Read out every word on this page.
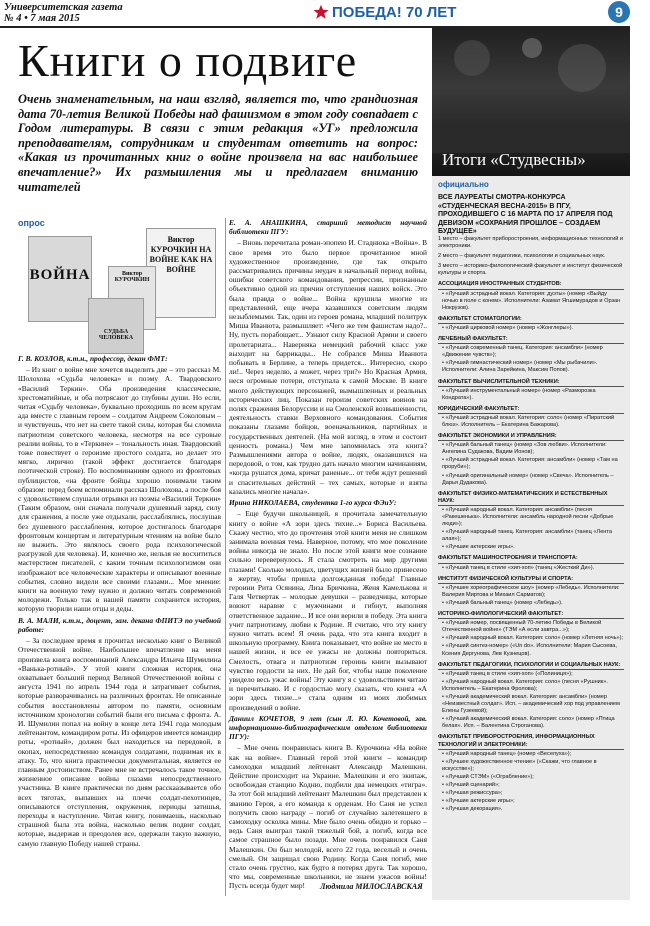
Университетская газета
№ 4 • 7 мая 2015	ПОБЕДА! 70 ЛЕТ	9
Книги о подвиге
Очень знаменательным, на наш взгляд, является то, что грандиозная дата 70-летия Великой Победы над фашизмом в этом году совпадает с Годом литературы. В связи с этим редакция «УГ» предложила преподавателям, сотрудникам и студентам ответить на вопрос: «Какая из прочитанных книг о войне произвела на вас наибольшее впечатление?» Их размышления мы и предлагаем вниманию читателей
опрос
ВОЙНА
Виктор КУРОЧКИН НА ВОЙНЕ КАК НА ВОЙНЕ
Виктор КУРОЧКИН
СУДЬБА ЧЕЛОВЕКА

Г. В. КОЗЛОВ, к.т.н., профессор, декан ФМТ:

– Из книг о войне мне хочется выделить две – это рассказ М. Шолохова «Судьба человека» и поэму А. Твардовского «Василий Теркин». Оба произведения классические, хрестоматийные, и оба потрясают до глубины души. Но если, читая «Судьбу человека», буквально проходишь по всем кругам ада вместе с главным героем – солдатом Андреем Соколовым – и чувствуешь, что нет на свете такой силы, которая бы сломила патриотизм советского человека, несмотря на все суровые реалии войны, то в «Теркине» – тональность иная. Твардовский тоже повествует о героизме простого солдата, но делает это мягко, лирично (такой эффект достигается благодаря поэтической строке). По воспоминаниям одного из фронтовых публицистов, «на фронте бойцы хорошо понимали таким образом: перед боем вспоминали рассказ Шолохова, а после боя с удовольствием слушали отрывки из поэмы «Василий Теркин» (Таким образом, они сначала получали душевный заряд, силу для сражения, а после уже отдыхали, расслаблялись, послушав без душевного расслабления, которое достигалось благодаря фронтовым концертам и литературным чтениям на войне было не выжить. Это являлось своего рода психологической разгрузкой для человека). И, конечно же, нельзя не восхититься мастерством писателей, с каким точным психологизмом они изображают все человеческие характеры и описывают военные события, словно видели все своими глазами... Мое мнение: книги на военную тему нужно и должно читать современной молодежи. Только так в нашей памяти сохранится история, которую творили наши отцы и деды.

В. А. МАЛИ, к.т.н., доцент, зам. декана ФПИТЭ по учебной работе:

– За последнее время я прочитал несколько книг о Великой Отечественной войне. Наибольшее впечатление на меня произвела книга воспоминаний Александра Ильича Шумилина «Ванька-ротный». У этой книги сложная история, она охватывает больший период Великой Отечественной войны с августа 1941 по апрель 1944 года и затрагивает события, которые разворачивались на различных фронтах. Не описанные события восстановлены автором по памяти, основным источником хронологии событий были его письма с фронта. А. И. Шумилин попал на войну в конце лета 1941 года молодым лейтенантом, командиром роты. Из офицеров имеется командир роты, «ротный», должен был находиться на передовой, в окопах, непосредственно командуя солдатами, поднимая их в атаку. То, что книга практически документальная, является ее главным достоинством. Ранее мне не встречалось такое точное, жизненное описание войны глазами непосредственного участника. В книге практически по дням расскаазывается обо всех тяготах, выпавших на плечи солдат-пехотинцев, описываются отступления, окружения, периоды затишья, переходы в наступление. Читая книгу, понимаешь, насколько страшной была эта война, насколько велик подвиг солдат, которые, выдержав и преодолев все, одержали такую важную, самую главную Победу нашей страны.

Е. А. АНАШКИНА, старший методист научной библиотеки ПГУ:

– Вновь перечитала роман-эпопею И. Стаднюка «Война». В свое время это было первое прочитанное мной художественное произведение, где так открыто рассматривались причины неудач в начальный период войны, ошибки советского командования, репрессии, признанные объективно одной из причин отступления наших войск. Это была правда о войне... Война крушила многие из представлений, еще вчера казавшихся советским людям незыблемыми. Так, один из героев романа, младший политрук Миша Иванюта, размышляет: «Чего же тем фашистам надо?.. Ну, пусть порабощает... Узнают силу Красной Армии и своего пролетариата... Наверняка немецкий рабочий класс уже выходит на баррикады... Не собрался Миша Иванюта побывать в Берлине, а теперь придется... Интересно, скоро ли!.. Через неделю, а может, через три?» Но Красная Армия, неся огромные потери, отступала к самой Москве. В книге много действующих персонажей, вымышленных и реальных исторических лиц. Показан героизм советских воинов на полях сражения Белоруссии и на Смоленской возвышенности, деятельность ставки Верховного командования. События показаны глазами бойцов, военачальников, партийных и государственных деятелей. (На мой взгляд, в этом и состоит ценность романа.) Чем мне запомнилась эта книга? Размышлениями автора о войне, людях, оказавшихся на передовой, о том, как трудно дать начало многим начинаниям, «когда рушатся дома, кричат раненые... от тебя ждут решений и спасительных действий – тех самых, которые и взяты казались многие начала».

Ирина НИКОЛАЕВА, студентка 1-го курса ФЭиУ:

– Еще будучи школьницей, я прочитала замечательную книгу о войне «А зори здесь тихие...» Бориса Васильева. Скажу честно, что до прочтения этой книги меня не слишком занимала военная тема. Наверное, потому, что мое поколение войны никогда не знало. Но после этой книги мое сознание сильно перевернулось. Я стала смотреть на мир другими глазами! Сколько молодых, цветущих жизней было принесено в жертву, чтобы пришла долгожданная победа! Главные героини Рита Осянина, Лиза Бричкина, Женя Камелькова и Галя Четвертак – молодые девушки – разведчицы, которые воюют наравне с мужчинами и гибнут, выполняя ответственное задание... И все они верили в победу. Эта книга учит патриотизму, любви к Родине. Я считаю, что эту книгу нужно читать всем! Я очень рада, что эта книга входит в школьную программу. Книга показывает, что войне не место в нашей жизни, и все ее ужасы не должны повториться. Смелость, отвага и патриотизм героинь книги вызывают чувство гордости за них. Не дай бог, чтобы наше поколение увидело весь ужас войны! Эту книгу я с удовольствием читаю и перечитываю. И с гордостью могу сказать, что книга «А зори здесь тихие...» стала одним из моих любимых произведений о войне.

Даниил КОЧЕТОВ, 9 лет (сын Л. Ю. Кочетовой, зав. информационно-библиографическим отделом библиотеки ПГУ):

– Мне очень понравилась книга В. Курочкина «На войне как на войне». Главный герой этой книги – командир самоходки младший лейтенант Александр Малешкин. Действие происходит на Украине. Малешкин и его экипаж, освобождая станцию Кодню, подбили два немецких «тигра». За этот бой младший лейтенант Малешкин был представлен к званию Героя, а его команда к орденам. Но Саня не успел получить свою награду – погиб от случайно залетевшего в самоходку осколка мины. Мне было очень обидно и горько – ведь Саня выиграл такой тяжелый бой, а погиб, когда все самое страшное было позади. Мне очень понравился Саня Малешкин. Он был молодой, всего 22 года, веселый и очень смелый. Он защищал свою Родину. Когда Саня погиб, мне стало очень грустно, как будто я потерял друга. Так хорошо, что мы, современные школьники, не знаем ужасов войны! Пусть всегда будет мир!	Людмила МИЛОСЛАВСКАЯ
Итоги «Студвесны»
официально
ВСЕ ЛАУРЕАТЫ СМОТРА-КОНКУРСА «СТУДЕНЧЕСКАЯ ВЕСНА-2015» В ПГУ, ПРОХОДИВШЕГО С 16 МАРТА ПО 17 АПРЕЛЯ ПОД ДЕВИЗОМ «СОХРАНИЯ ПРОШЛОЕ – СОЗДАЕМ БУДУЩЕЕ»
1 место – факультет приборостроения, информационных технологий и электроники.
2 место – факультет педагогики, психологии и социальных наук.
3 место – историко-филологический факультет и институт физической культуры и спорта.
АССОЦИАЦИЯ ИНОСТРАННЫХ СТУДЕНТОВ:
• «Лучший эстрадный вокал. Категория: дуэты» (номер «Выйду ночью в поле с конем». Исполнители: Азамат Ягшимурадов и Орзан Нокрузов).
ФАКУЛЬТЕТ СТОМАТОЛОГИИ:
• «Лучший цирковой номер» (номер «Жонглеры»).
ЛЕЧЕБНЫЙ ФАКУЛЬТЕТ:
• «Лучший современный танец. Категория: ансамбли» (номер «Движение чувств»);
• «Лучший гимнастический номер» (номер «Мы рыбачили». Исполнители: Алина Зарейкина, Максим Попов).
ФАКУЛЬТЕТ ВЫЧИСЛИТЕЛЬНОЙ ТЕХНИКИ:
• «Лучший инструментальный номер» (номер «Разморозка Кондрата»).
ЮРИДИЧЕСКИЙ ФАКУЛЬТЕТ:
• «Лучший эстрадный вокал. Категория: соло» (номер «Пиратский блюз». Исполнитель – Екатерина Бажарова).
ФАКУЛЬТЕТ ЭКОНОМИКИ И УПРАВЛЕНИЯ:
• «Лучший бальный танец» (номер «Зов любви». Исполнители: Ангелина Судакова, Вадим Ионов);
• «Лучший эстрадный вокал. Категория: ансамбли» (номер «Там на проруби»);
• «Лучший оригинальный номер» (номер «Свеча». Исполнитель – Дарья Дудакова).
ФАКУЛЬТЕТ ФИЗИКО-МАТЕМАТИЧЕСКИХ И ЕСТЕСТВЕННЫХ НАУК:
• «Лучший народный вокал. Категория: ансамбли» (песня «Ракешенька». Исполнители: ансамбль народной песни «Добрые люди»);
• «Лучший народный танец. Категория: ансамбли» (танец «Лента алая»);
• «Лучшие актерские игры».
ФАКУЛЬТЕТ МАШИНОСТРОЕНИЯ И ТРАНСПОРТА:
• «Лучший танец в стиле «хип-хоп» (танец «Жесткий Ди»).
ИНСТИТУТ ФИЗИЧЕСКОЙ КУЛЬТУРЫ И СПОРТА:
• «Лучшее хореографическое шоу» (номер «Лебедь». Исполнители: Валерия Миртова и Михаил Сарматов);
• «Лучший бальный танец» (номер «Лебедь»).
ИСТОРИКО-ФИЛОЛОГИЧЕСКИЙ ФАКУЛЬТЕТ:
• «Лучший номер, посвященный 70-летию Победы в Великой Отечественной войне» (ТЭМ «А если завтра...»);
• «Лучший народный вокал. Категория: соло» (номер «Летняя ночь»);
• «Лучший синтез-номер» («Un do». Исполнители: Мария Сысоева, Ксения Дергунова, Лев Кузнецов).
ФАКУЛЬТЕТ ПЕДАГОГИКИ, ПСИХОЛОГИИ И СОЦИАЛЬНЫХ НАУК:
• «Лучший танец в стиле «хип-хоп» («Полиниця»);
• «Лучший народный вокал. Категория: соло» (песня «Рушник». Исполнитель – Екатерина Фролова);
• «Лучший академический вокал. Категория: ансамбли» (номер «Неизвестный солдат». Исп. – академический хор под управлением Елены Гузеевой);
• «Лучший академический вокал. Категория: соло» (номер «Птица белая». Исп. – Валентина Строганова).
ФАКУЛЬТЕТ ПРИБОРОСТРОЕНИЯ, ИНФОРМАЦИОННЫХ ТЕХНОЛОГИЙ И ЭЛЕКТРОНИКИ:
• «Лучший народный танец» (номер «Веселуха»);
• «Лучшее художественное чтение» («Скажи, что главное в искусстве»);
• «Лучший СТЭМ» («Ограбление»);
• «Лучший сценарий»;
• «Лучшая режиссура»;
• «Лучшие актерские игры»;
• «Лучшая декорация».
